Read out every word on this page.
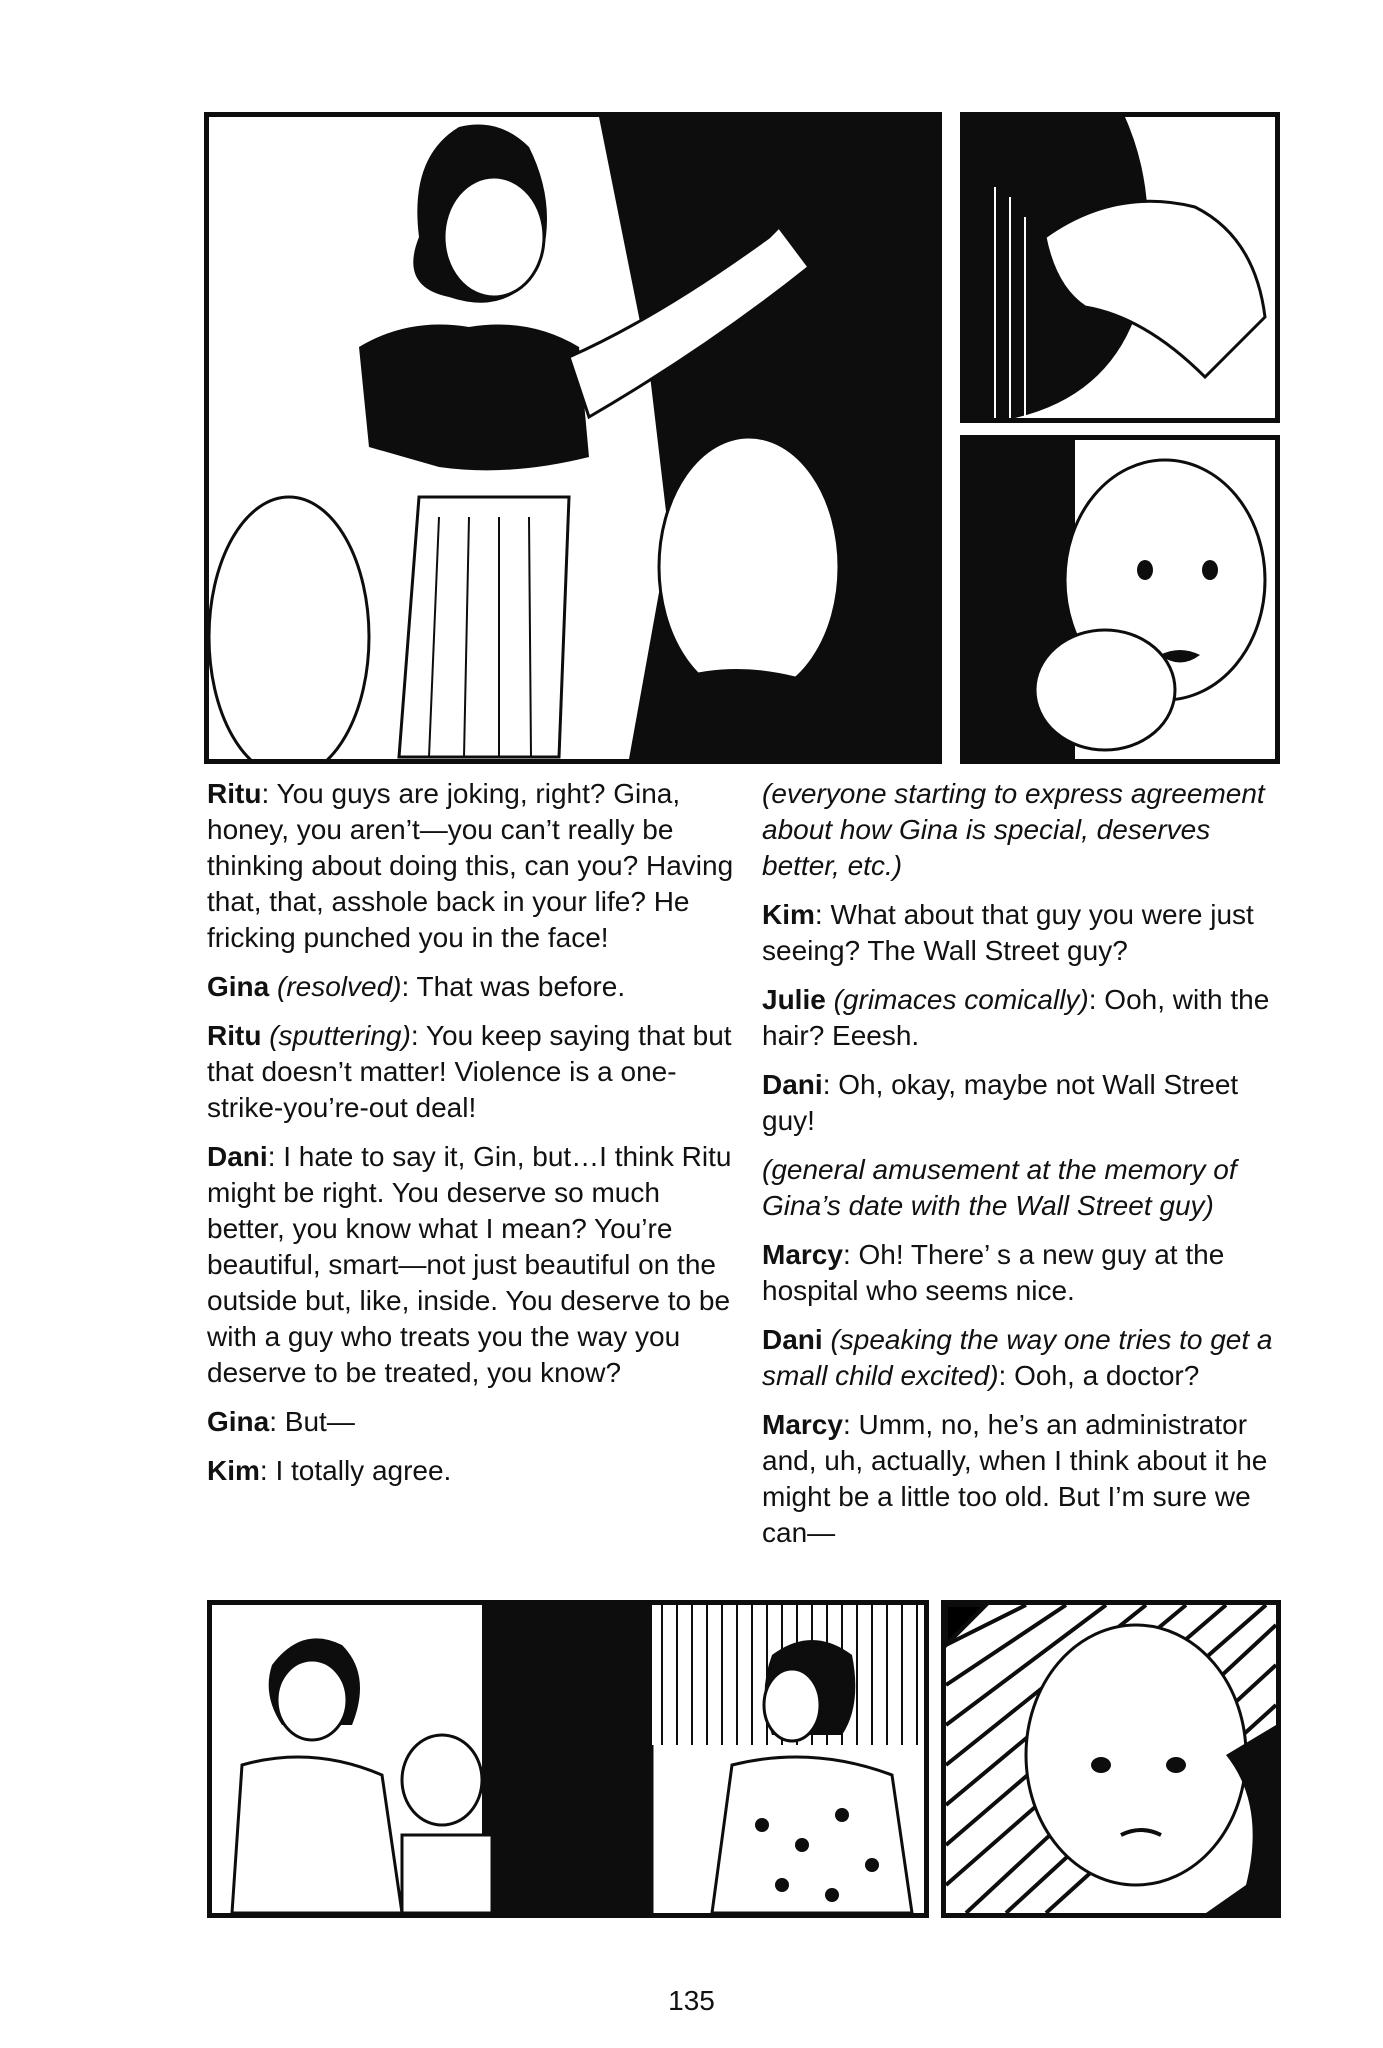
Ritu: You guys are joking, right? Gina, honey, you aren’t—you can’t really be thinking about doing this, can you? Having that, that, asshole back in your life? He fricking punched you in the face!

Gina (resolved): That was before.

Ritu (sputtering): You keep saying that but that doesn’t matter! Violence is a one-strike-you’re-out deal!

Dani: I hate to say it, Gin, but…I think Ritu might be right. You deserve so much better, you know what I mean? You’re beautiful, smart—not just beautiful on the outside but, like, inside. You deserve to be with a guy who treats you the way you deserve to be treated, you know?

Gina: But—

Kim: I totally agree.

(everyone starting to express agreement about how Gina is special, deserves better, etc.)

Kim: What about that guy you were just seeing? The Wall Street guy?

Julie (grimaces comically): Ooh, with the hair? Eeesh.

Dani: Oh, okay, maybe not Wall Street guy!

(general amusement at the memory of Gina’s date with the Wall Street guy)

Marcy: Oh! There’ s a new guy at the hospital who seems nice.

Dani (speaking the way one tries to get a small child excited): Ooh, a doctor?

Marcy: Umm, no, he’s an administrator and, uh, actually, when I think about it he might be a little too old. But I’m sure we can—

135
